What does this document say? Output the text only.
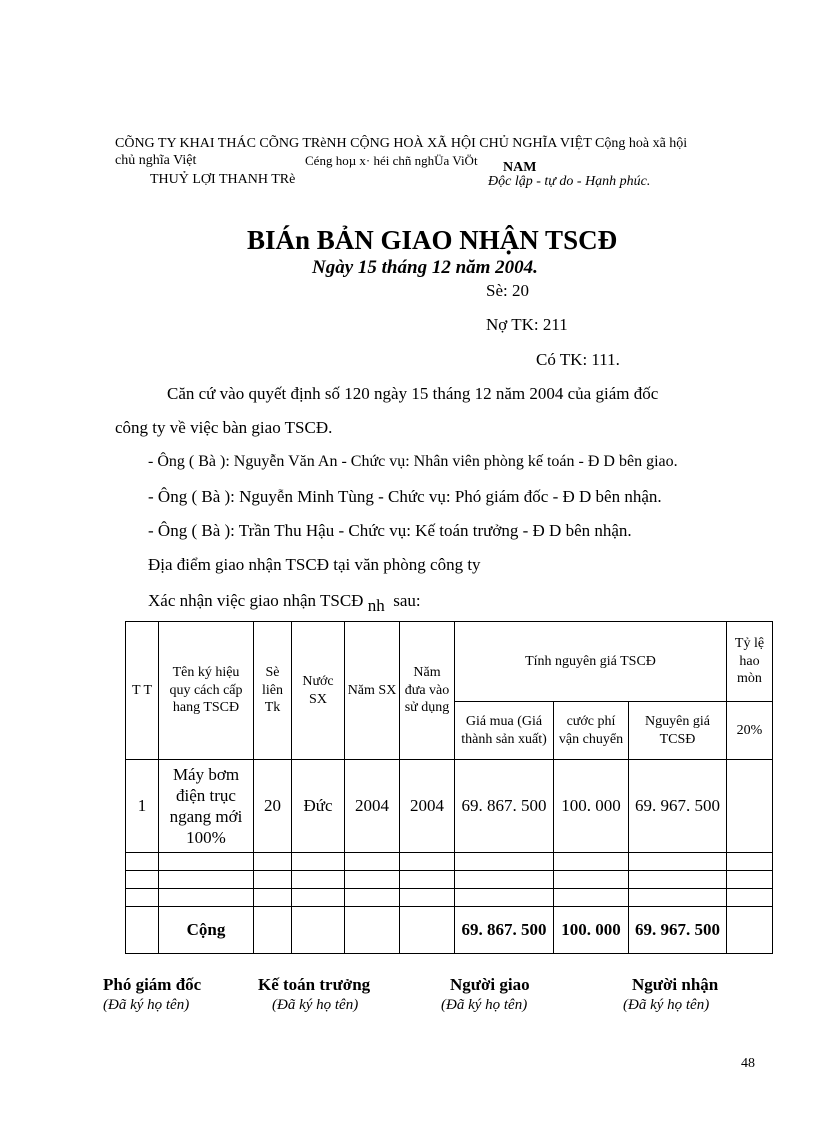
CÕNG TY KHAI THÁC CÕNG TRèNH CỘNG HOÀ XÃ HỘI CHỦ NGHĨA VIỆT Cộng hoà xã hội
chủ nghĩa Việt	Céng hoµ x· héi chñ nghÜa ViÖt NAM
THUỶ LỢI THANH TRè	Độc lập - tự do - Hạnh phúc.
BIÁn BẢN GIAO NHẬN TSCĐ
Ngày 15 tháng 12 năm 2004.
Sè: 20
Nợ TK: 211
Có TK: 111.
Căn cứ vào quyết định số 120 ngày 15 tháng 12 năm 2004 của giám đốc
công ty về việc bàn giao TSCĐ.
- Ông ( Bà ): Nguyễn Văn An - Chức vụ: Nhân viên phòng kế toán - Đ D bên giao.
- Ông ( Bà ): Nguyễn Minh Tùng - Chức vụ: Phó giám đốc - Đ D bên nhận.
- Ông ( Bà ): Trần Thu Hậu - Chức vụ: Kế toán trưởng - Đ D bên nhận.
Địa điểm giao nhận TSCĐ tại văn phòng công ty
Xác nhận việc giao nhận TSCĐ nh sau:
T T	Tên ký hiệu quy cách cấp hang TSCĐ	Sè liên Tk	Nước SX	Năm SX	Năm đưa vào sử dụng	Tính nguyên giá TSCĐ			Tỷ lệ hao mòn
						Giá mua (Giá thành sản xuất)	cước phí vận chuyển	Nguyên giá TCSĐ	20%
1	Máy bơm điện trục ngang mới 100%	20	Đức	2004	2004	69. 867. 500	100. 000	69. 967. 500	

	Cộng					69. 867. 500	100. 000	69. 967. 500	
Phó giám đốc
(Đã ký họ tên)
Kế toán trưởng
(Đã ký họ tên)
Người giao
(Đã ký họ tên)
Người nhận
(Đã ký họ tên)
48
